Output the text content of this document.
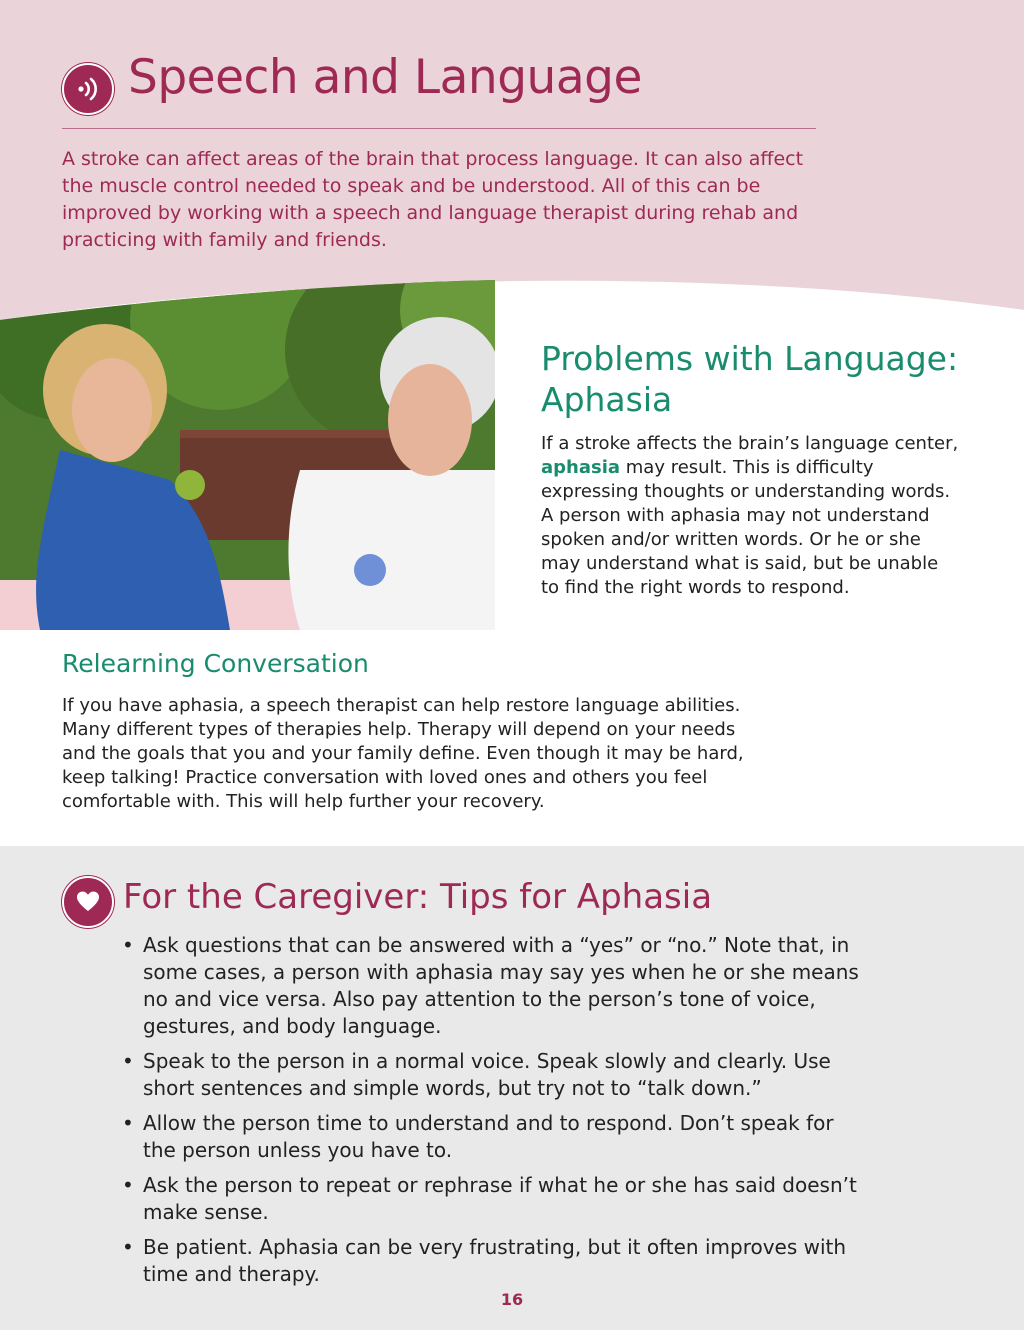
Speech and Language

A stroke can affect areas of the brain that process language. It can also affect the muscle control needed to speak and be understood. All of this can be improved by working with a speech and language therapist during rehab and practicing with family and friends.

Problems with Language: Aphasia

If a stroke affects the brain’s language center, aphasia may result. This is difficulty expressing thoughts or understanding words. A person with aphasia may not understand spoken and/or written words. Or he or she may understand what is said, but be unable to find the right words to respond.

Relearning Conversation

If you have aphasia, a speech therapist can help restore language abilities. Many different types of therapies help. Therapy will depend on your needs and the goals that you and your family define. Even though it may be hard, keep talking! Practice conversation with loved ones and others you feel comfortable with. This will help further your recovery.

For the Caregiver: Tips for Aphasia
• Ask questions that can be answered with a “yes” or “no.” Note that, in some cases, a person with aphasia may say yes when he or she means no and vice versa. Also pay attention to the person’s tone of voice, gestures, and body language.
• Speak to the person in a normal voice. Speak slowly and clearly. Use short sentences and simple words, but try not to “talk down.”
• Allow the person time to understand and to respond. Don’t speak for the person unless you have to.
• Ask the person to repeat or rephrase if what he or she has said doesn’t make sense.
• Be patient. Aphasia can be very frustrating, but it often improves with time and therapy.
16
